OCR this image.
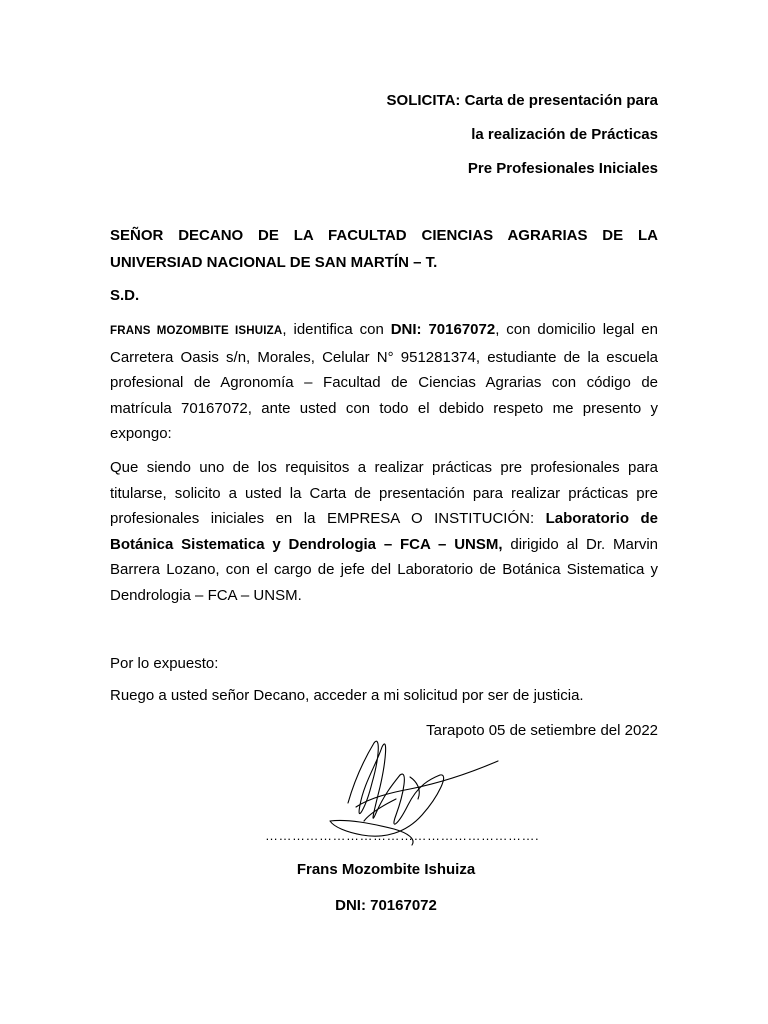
SOLICITA: Carta de presentación para
la realización de Prácticas
Pre Profesionales Iniciales
SEÑOR DECANO DE LA FACULTAD CIENCIAS AGRARIAS DE LA
UNIVERSIAD NACIONAL DE SAN MARTÍN – T.
S.D.
FRANS MOZOMBITE ISHUIZA, identifica con DNI: 70167072, con domicilio legal en Carretera Oasis s/n, Morales, Celular N° 951281374, estudiante de la escuela profesional de Agronomía – Facultad de Ciencias Agrarias con código de matrícula 70167072, ante usted con todo el debido respeto me presento y expongo:
Que siendo uno de los requisitos a realizar prácticas pre profesionales para titularse, solicito a usted la Carta de presentación para realizar prácticas pre profesionales iniciales en la EMPRESA O INSTITUCIÓN: Laboratorio de Botánica Sistematica y Dendrologia – FCA – UNSM, dirigido al Dr. Marvin Barrera Lozano, con el cargo de jefe del Laboratorio de Botánica Sistematica y Dendrologia – FCA – UNSM.
Por lo expuesto:
Ruego a usted señor Decano, acceder a mi solicitud por ser de justicia.
Tarapoto 05 de setiembre del 2022
…………………………………………………….
Frans Mozombite Ishuiza
DNI: 70167072
